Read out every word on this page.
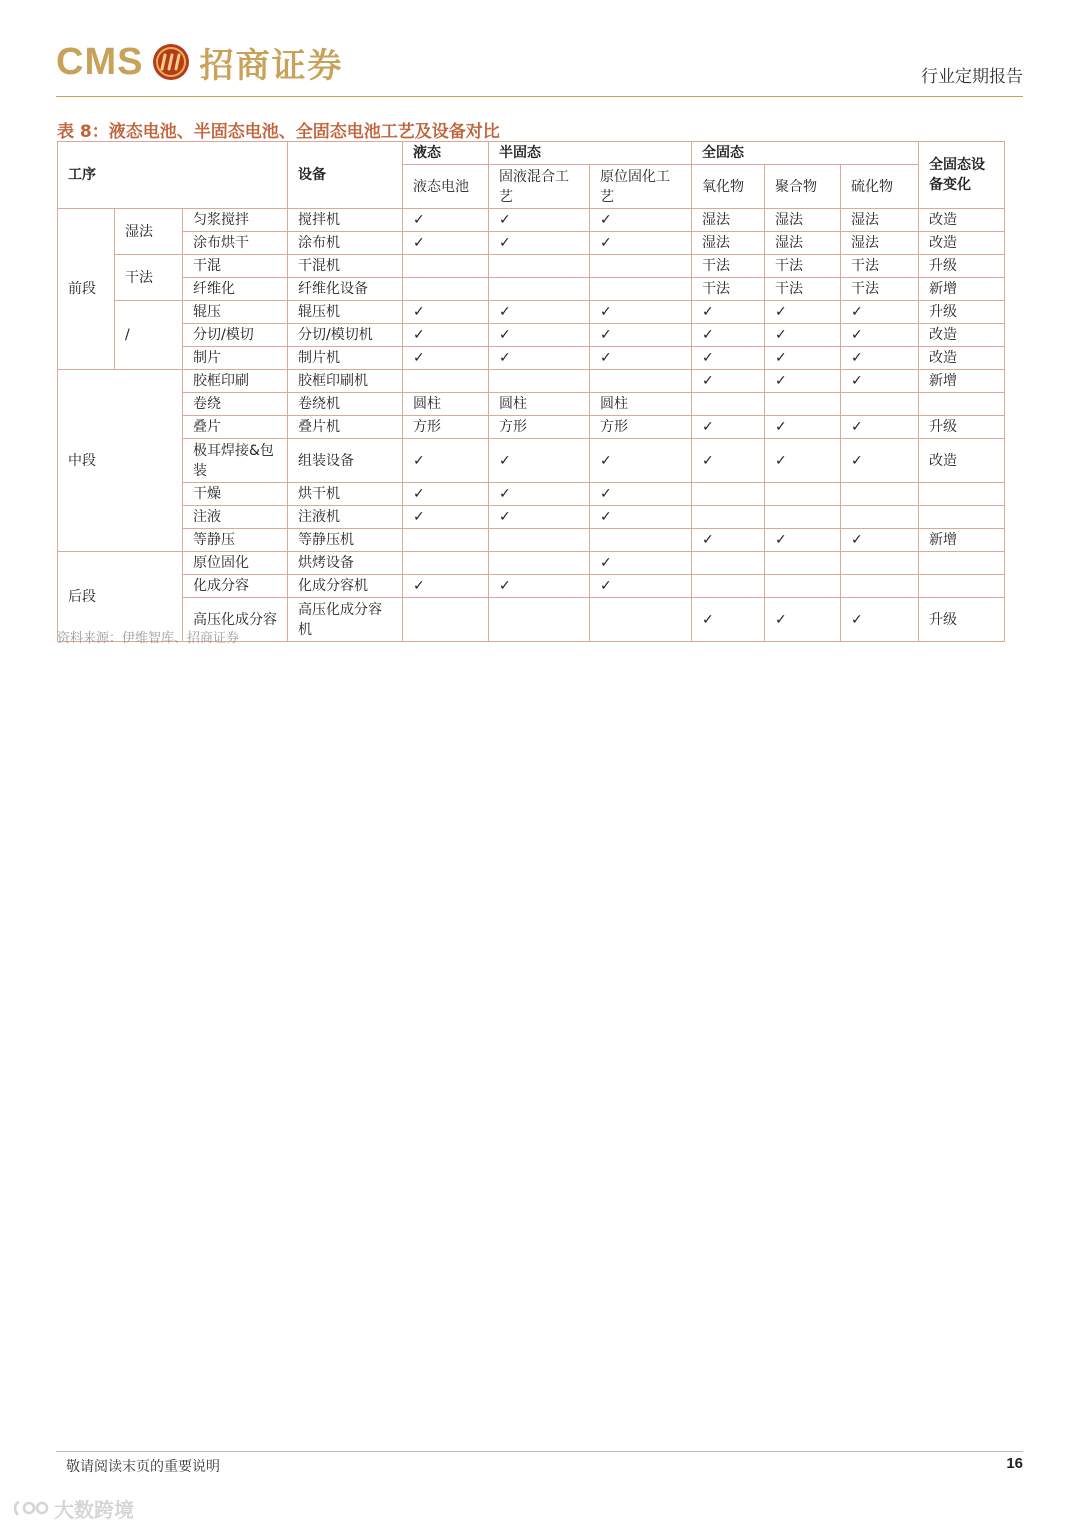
CMS 招商证券	行业定期报告
表 8：液态电池、半固态电池、全固态电池工艺及设备对比
工序			设备	液态	半固态		全固态			全固态设备变化
				液态电池	固液混合工艺	原位固化工艺	氧化物	聚合物	硫化物	
前段	湿法	匀浆搅拌	搅拌机	✓	✓	✓	湿法	湿法	湿法	改造
		涂布烘干	涂布机	✓	✓	✓	湿法	湿法	湿法	改造
	干法	干混	干混机				干法	干法	干法	升级
		纤维化	纤维化设备				干法	干法	干法	新增
	/	辊压	辊压机	✓	✓	✓	✓	✓	✓	升级
		分切/模切	分切/模切机	✓	✓	✓	✓	✓	✓	改造
		制片	制片机	✓	✓	✓	✓	✓	✓	改造
中段		胶框印刷	胶框印刷机				✓	✓	✓	新增
		卷绕	卷绕机	圆柱	圆柱	圆柱				
		叠片	叠片机	方形	方形	方形	✓	✓	✓	升级
		极耳焊接&包装	组装设备	✓	✓	✓	✓	✓	✓	改造
		干燥	烘干机	✓	✓	✓				
		注液	注液机	✓	✓	✓				
		等静压	等静压机				✓	✓	✓	新增
后段		原位固化	烘烤设备			✓				
		化成分容	化成分容机	✓	✓	✓				
		高压化成分容	高压化成分容机				✓	✓	✓	升级
资料来源：伊维智库、招商证券
敬请阅读末页的重要说明	16
大数跨境
